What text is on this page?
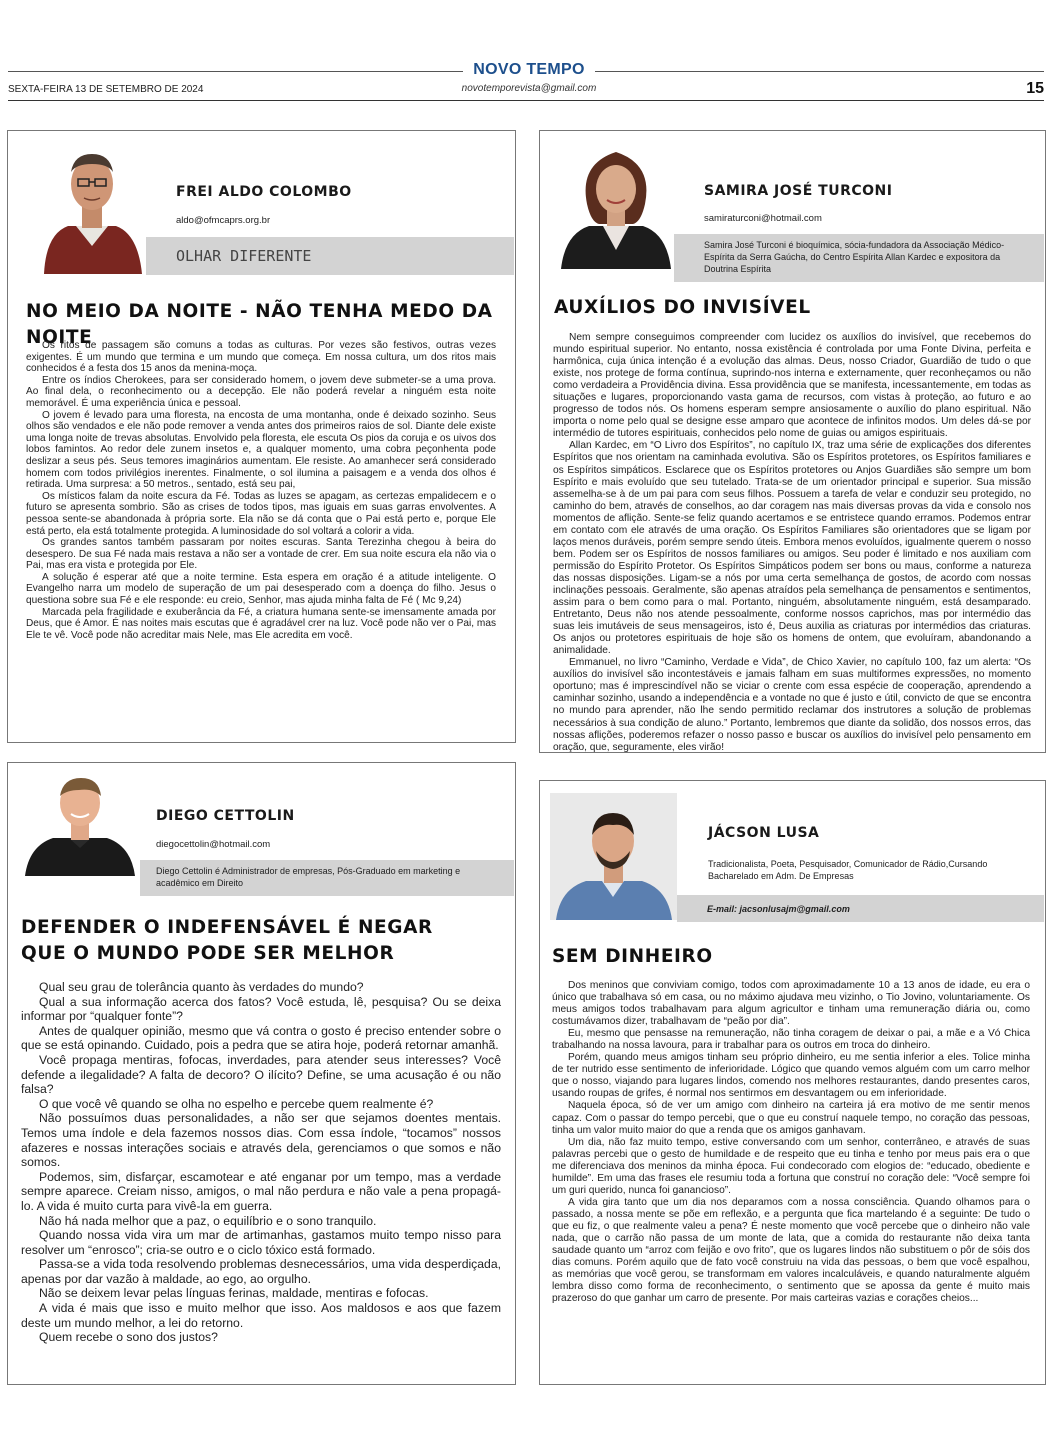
NOVO TEMPO
novotemporevista@gmail.com
SEXTA-FEIRA 13 DE SETEMBRO DE 2024	15
FREI ALDO COLOMBO
aldo@ofmcaprs.org.br
OLHAR DIFERENTE
NO MEIO DA NOITE - NÃO TENHA MEDO DA NOITE

Os ritos de passagem são comuns a todas as culturas. Por vezes são festivos, outras vezes exigentes. É um mundo que termina e um mundo que começa. Em nossa cultura, um dos ritos mais conhecidos é a festa dos 15 anos da menina-moça.

Entre os índios Cherokees, para ser considerado homem, o jovem deve submeter-se a uma prova. Ao final dela, o reconhecimento ou a decepção. Ele não poderá revelar a ninguém esta noite memorável. É uma experiência única e pessoal.

O jovem é levado para uma floresta, na encosta de uma montanha, onde é deixado sozinho. Seus olhos são vendados e ele não pode remover a venda antes dos primeiros raios de sol. Diante dele existe uma longa noite de trevas absolutas. Envolvido pela floresta, ele escuta Os pios da coruja e os uivos dos lobos famintos. Ao redor dele zunem insetos e, a qualquer momento, uma cobra peçonhenta pode deslizar a seus pés. Seus temores imaginários aumentam. Ele resiste. Ao amanhecer será considerado homem com todos privilégios inerentes. Finalmente, o sol ilumina a paisagem e a venda dos olhos é retirada. Uma surpresa: a 50 metros., sentado, está seu pai,

Os místicos falam da noite escura da Fé. Todas as luzes se apagam, as certezas empalidecem e o futuro se apresenta sombrio. São as crises de todos tipos, mas iguais em suas garras envolventes. A pessoa sente-se abandonada à própria sorte. Ela não se dá conta que o Pai está perto e, porque Ele está perto, ela está totalmente protegida. A luminosidade do sol voltará a colorir a vida.

Os grandes santos também passaram por noites escuras. Santa Terezinha chegou à beira do desespero. De sua Fé nada mais restava a não ser a vontade de crer. Em sua noite escura ela não via o Pai, mas era vista e protegida por Ele.

A solução é esperar até que a noite termine. Esta espera em oração é a atitude inteligente. O Evangelho narra um modelo de superação de um pai desesperado com a doença do filho. Jesus o questiona sobre sua Fé e ele responde: eu creio, Senhor, mas ajuda minha falta de Fé ( Mc 9,24)

Marcada pela fragilidade e exuberância da Fé, a criatura humana sente-se imensamente amada por Deus, que é Amor. É nas noites mais escutas que é agradável crer na luz. Você pode não ver o Pai, mas Ele te vê. Você pode não acreditar mais Nele, mas Ele acredita em você.

SAMIRA JOSÉ TURCONI
samiraturconi@hotmail.com
Samira José Turconi é bioquímica, sócia-fundadora da Associação Médico-Espírita da Serra Gaúcha, do Centro Espírita Allan Kardec e expositora da Doutrina Espírita
AUXÍLIOS DO INVISÍVEL

Nem sempre conseguimos compreender com lucidez os auxílios do invisível, que recebemos do mundo espiritual superior. No entanto, nossa existência é controlada por uma Fonte Divina, perfeita e harmônica, cuja única intenção é a evolução das almas. Deus, nosso Criador, Guardião de tudo o que existe, nos protege de forma contínua, suprindo-nos interna e externamente, quer reconheçamos ou não como verdadeira a Providência divina. Essa providência que se manifesta, incessantemente, em todas as situações e lugares, proporcionando vasta gama de recursos, com vistas à proteção, ao futuro e ao progresso de todos nós. Os homens esperam sempre ansiosamente o auxílio do plano espiritual. Não importa o nome pelo qual se designe esse amparo que acontece de infinitos modos. Um deles dá-se por intermédio de tutores espirituais, conhecidos pelo nome de guias ou amigos espirituais.

Allan Kardec, em “O Livro dos Espíritos”, no capítulo IX, traz uma série de explicações dos diferentes Espíritos que nos orientam na caminhada evolutiva. São os Espíritos protetores, os Espíritos familiares e os Espíritos simpáticos. Esclarece que os Espíritos protetores ou Anjos Guardiães são sempre um bom Espírito e mais evoluído que seu tutelado. Trata-se de um orientador principal e superior. Sua missão assemelha-se à de um pai para com seus filhos. Possuem a tarefa de velar e conduzir seu protegido, no caminho do bem, através de conselhos, ao dar coragem nas mais diversas provas da vida e consolo nos momentos de aflição. Sente-se feliz quando acertamos e se entristece quando erramos. Podemos entrar em contato com ele através de uma oração. Os Espíritos Familiares são orientadores que se ligam por laços menos duráveis, porém sempre sendo úteis. Embora menos evoluídos, igualmente querem o nosso bem. Podem ser os Espíritos de nossos familiares ou amigos. Seu poder é limitado e nos auxiliam com permissão do Espírito Protetor. Os Espíritos Simpáticos podem ser bons ou maus, conforme a natureza das nossas disposições. Ligam-se a nós por uma certa semelhança de gostos, de acordo com nossas inclinações pessoais. Geralmente, são apenas atraídos pela semelhança de pensamentos e sentimentos, assim para o bem como para o mal. Portanto, ninguém, absolutamente ninguém, está desamparado. Entretanto, Deus não nos atende pessoalmente, conforme nossos caprichos, mas por intermédio das suas leis imutáveis de seus mensageiros, isto é, Deus auxilia as criaturas por intermédios das criaturas. Os anjos ou protetores espirituais de hoje são os homens de ontem, que evoluíram, abandonando a animalidade.

Emmanuel, no livro “Caminho, Verdade e Vida”, de Chico Xavier, no capítulo 100, faz um alerta: “Os auxílios do invisível são incontestáveis e jamais falham em suas multiformes expressões, no momento oportuno; mas é imprescindível não se viciar o crente com essa espécie de cooperação, aprendendo a caminhar sozinho, usando a independência e a vontade no que é justo e útil, convicto de que se encontra no mundo para aprender, não lhe sendo permitido reclamar dos instrutores a solução de problemas necessários à sua condição de aluno.” Portanto, lembremos que diante da solidão, dos nossos erros, das nossas aflições, poderemos refazer o nosso passo e buscar os auxílios do invisível pelo pensamento em oração, que, seguramente, eles virão!

DIEGO CETTOLIN
diegocettolin@hotmail.com
Diego Cettolin é Administrador de empresas, Pós-Graduado em marketing e acadêmico em Direito
DEFENDER O INDEFENSÁVEL É NEGAR QUE O MUNDO PODE SER MELHOR

Qual seu grau de tolerância quanto às verdades do mundo?

Qual a sua informação acerca dos fatos? Você estuda, lê, pesquisa? Ou se deixa informar por “qualquer fonte”?

Antes de qualquer opinião, mesmo que vá contra o gosto é preciso entender sobre o que se está opinando. Cuidado, pois a pedra que se atira hoje, poderá retornar amanhã.

Você propaga mentiras, fofocas, inverdades, para atender seus interesses? Você defende a ilegalidade? A falta de decoro? O ilícito? Define, se uma acusação é ou não falsa?

O que você vê quando se olha no espelho e percebe quem realmente é?

Não possuímos duas personalidades, a não ser que sejamos doentes mentais. Temos uma índole e dela fazemos nossos dias. Com essa índole, “tocamos” nossos afazeres e nossas interações sociais e através dela, gerenciamos o que somos e não somos.

Podemos, sim, disfarçar, escamotear e até enganar por um tempo, mas a verdade sempre aparece. Creiam nisso, amigos, o mal não perdura e não vale a pena propagá-lo. A vida é muito curta para vivê-la em guerra.

Não há nada melhor que a paz, o equilíbrio e o sono tranquilo.

Quando nossa vida vira um mar de artimanhas, gastamos muito tempo nisso para resolver um “enrosco”; cria-se outro e o ciclo tóxico está formado.

Passa-se a vida toda resolvendo problemas desnecessários, uma vida desperdiçada, apenas por dar vazão à maldade, ao ego, ao orgulho.

Não se deixem levar pelas línguas ferinas, maldade, mentiras e fofocas.

A vida é mais que isso e muito melhor que isso. Aos maldosos e aos que fazem deste um mundo melhor, a lei do retorno.

Quem recebe o sono dos justos?

JÁCSON LUSA
Tradicionalista, Poeta, Pesquisador, Comunicador de Rádio,Cursando Bacharelado em Adm. De Empresas
E-mail: jacsonlusajm@gmail.com
SEM DINHEIRO

Dos meninos que conviviam comigo, todos com aproximadamente 10 a 13 anos de idade, eu era o único que trabalhava só em casa, ou no máximo ajudava meu vizinho, o Tio Jovino, voluntariamente. Os meus amigos todos trabalhavam para algum agricultor e tinham uma remuneração diária ou, como costumávamos dizer, trabalhavam de “peão por dia”.

Eu, mesmo que pensasse na remuneração, não tinha coragem de deixar o pai, a mãe e a Vó Chica trabalhando na nossa lavoura, para ir trabalhar para os outros em troca do dinheiro.

Porém, quando meus amigos tinham seu próprio dinheiro, eu me sentia inferior a eles. Tolice minha de ter nutrido esse sentimento de inferioridade. Lógico que quando vemos alguém com um carro melhor que o nosso, viajando para lugares lindos, comendo nos melhores restaurantes, dando presentes caros, usando roupas de grifes, é normal nos sentirmos em desvantagem ou em inferioridade.

Naquela época, só de ver um amigo com dinheiro na carteira já era motivo de me sentir menos capaz. Com o passar do tempo percebi, que o que eu construí naquele tempo, no coração das pessoas, tinha um valor muito maior do que a renda que os amigos ganhavam.

Um dia, não faz muito tempo, estive conversando com um senhor, conterrâneo, e através de suas palavras percebi que o gesto de humildade e de respeito que eu tinha e tenho por meus pais era o que me diferenciava dos meninos da minha época. Fui condecorado com elogios de: “educado, obediente e humilde”. Em uma das frases ele resumiu toda a fortuna que construí no coração dele: “Você sempre foi um guri querido, nunca foi ganancioso”.

A vida gira tanto que um dia nos deparamos com a nossa consciência. Quando olhamos para o passado, a nossa mente se põe em reflexão, e a pergunta que fica martelando é a seguinte: De tudo o que eu fiz, o que realmente valeu a pena? É neste momento que você percebe que o dinheiro não vale nada, que o carrão não passa de um monte de lata, que a comida do restaurante não deixa tanta saudade quanto um “arroz com feijão e ovo frito”, que os lugares lindos não substituem o pôr de sóis dos dias comuns. Porém aquilo que de fato você construiu na vida das pessoas, o bem que você espalhou, as memórias que você gerou, se transformam em valores incalculáveis, e quando naturalmente alguém lembra disso como forma de reconhecimento, o sentimento que se apossa da gente é muito mais prazeroso do que ganhar um carro de presente. Por mais carteiras vazias e corações cheios...
